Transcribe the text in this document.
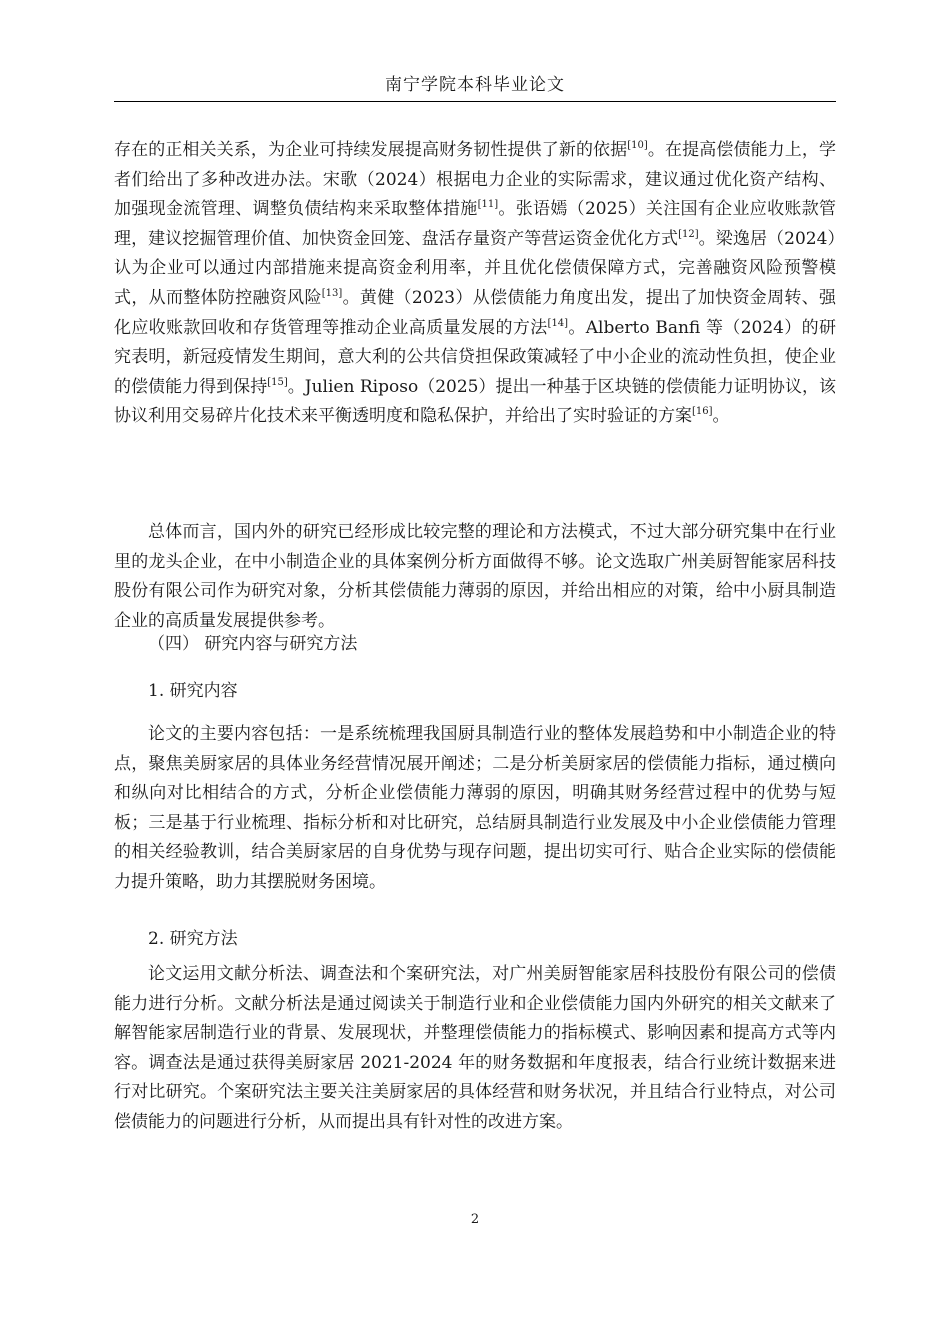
南宁学院本科毕业论文

存在的正相关关系，为企业可持续发展提高财务韧性提供了新的依据[10]。在提高偿债能力上，学者们给出了多种改进办法。宋歌（2024）根据电力企业的实际需求，建议通过优化资产结构、加强现金流管理、调整负债结构来采取整体措施[11]。张语嫣（2025）关注国有企业应收账款管理，建议挖掘管理价值、加快资金回笼、盘活存量资产等营运资金优化方式[12]。梁逸居（2024）认为企业可以通过内部措施来提高资金利用率，并且优化偿债保障方式，完善融资风险预警模式，从而整体防控融资风险[13]。黄健（2023）从偿债能力角度出发，提出了加快资金周转、强化应收账款回收和存货管理等推动企业高质量发展的方法[14]。Alberto Banfi 等（2024）的研究表明，新冠疫情发生期间，意大利的公共信贷担保政策减轻了中小企业的流动性负担，使企业的偿债能力得到保持[15]。Julien Riposo（2025）提出一种基于区块链的偿债能力证明协议，该协议利用交易碎片化技术来平衡透明度和隐私保护，并给出了实时验证的方案[16]。

总体而言，国内外的研究已经形成比较完整的理论和方法模式，不过大部分研究集中在行业里的龙头企业，在中小制造企业的具体案例分析方面做得不够。论文选取广州美厨智能家居科技股份有限公司作为研究对象，分析其偿债能力薄弱的原因，并给出相应的对策，给中小厨具制造企业的高质量发展提供参考。

（四） 研究内容与研究方法
1. 研究内容

论文的主要内容包括：一是系统梳理我国厨具制造行业的整体发展趋势和中小制造企业的特点，聚焦美厨家居的具体业务经营情况展开阐述；二是分析美厨家居的偿债能力指标，通过横向和纵向对比相结合的方式，分析企业偿债能力薄弱的原因，明确其财务经营过程中的优势与短板；三是基于行业梳理、指标分析和对比研究，总结厨具制造行业发展及中小企业偿债能力管理的相关经验教训，结合美厨家居的自身优势与现存问题，提出切实可行、贴合企业实际的偿债能力提升策略，助力其摆脱财务困境。

2. 研究方法

论文运用文献分析法、调查法和个案研究法，对广州美厨智能家居科技股份有限公司的偿债能力进行分析。文献分析法是通过阅读关于制造行业和企业偿债能力国内外研究的相关文献来了解智能家居制造行业的背景、发展现状，并整理偿债能力的指标模式、影响因素和提高方式等内容。调查法是通过获得美厨家居 2021-2024 年的财务数据和年度报表，结合行业统计数据来进行对比研究。个案研究法主要关注美厨家居的具体经营和财务状况，并且结合行业特点，对公司偿债能力的问题进行分析，从而提出具有针对性的改进方案。

2
